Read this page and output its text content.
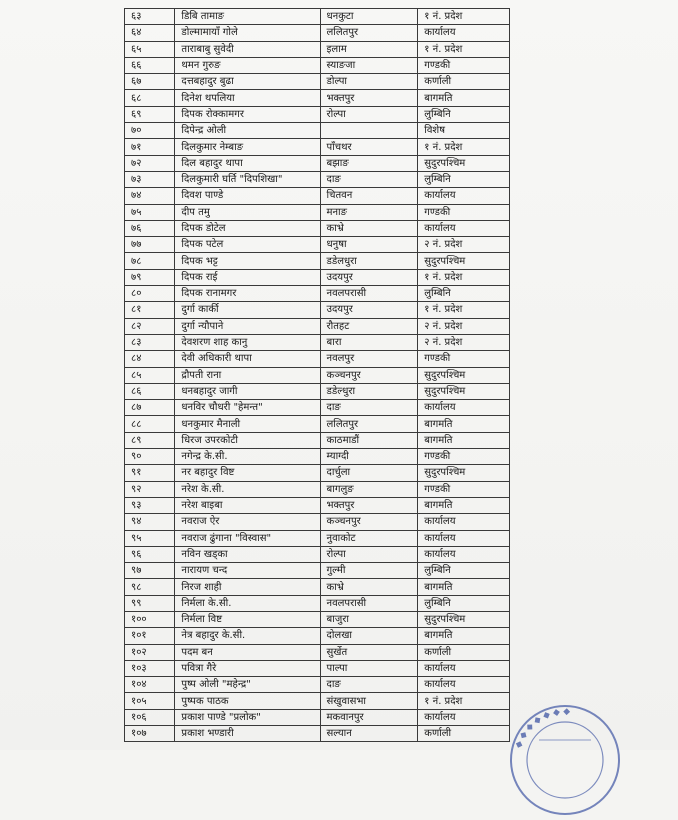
६३	डिबि तामाङ	धनकुटा	१ नं. प्रदेश
६४	डोल्मामायाँ गोले	ललितपुर	कार्यालय
६५	ताराबाबु सुवेदी	इलाम	१ नं. प्रदेश
६६	थमन गुरुङ	स्याङजा	गण्डकी
६७	दत्तबहादुर बुढा	डोल्पा	कर्णाली
६८	दिनेश थपलिया	भक्तपुर	बागमति
६९	दिपक रोक्कामगर	रोल्पा	लुम्बिनि
७०	दिपेन्द्र ओली		विशेष
७१	दिलकुमार नेम्बाङ	पाँचथर	१ नं. प्रदेश
७२	दिल बहादुर थापा	बझाङ	सुदुरपश्चिम
७३	दिलकुमारी घर्ति "दिपशिखा"	दाङ	लुम्बिनि
७४	दिवश पाण्डे	चितवन	कार्यालय
७५	दीप तमु	मनाङ	गण्डकी
७६	दिपक डोटेल	काभ्रे	कार्यालय
७७	दिपक पटेल	धनुषा	२ नं. प्रदेश
७८	दिपक भट्ट	डडेलधुरा	सुदुरपश्चिम
७९	दिपक राई	उदयपुर	१ नं. प्रदेश
८०	दिपक रानामगर	नवलपरासी	लुम्बिनि
८१	दुर्गा कार्की	उदयपुर	१ नं. प्रदेश
८२	दुर्गा न्यौपाने	रौतहट	२ नं. प्रदेश
८३	देवशरण शाह कानु	बारा	२ नं. प्रदेश
८४	देवी अधिकारी थापा	नवलपुर	गण्डकी
८५	द्रौपती राना	कञ्चनपुर	सुदुरपश्चिम
८६	धनबहादुर जागी	डडेल्धुरा	सुदुरपश्चिम
८७	धनविर चौधरी "हेमन्त"	दाङ	कार्यालय
८८	धनकुमार मैनाली	ललितपुर	बागमति
८९	धिरज उपरकोटी	काठमाडौं	बागमति
९०	नगेन्द्र के.सी.	म्याग्दी	गण्डकी
९१	नर बहादुर विष्ट	दार्चुला	सुदुरपश्चिम
९२	नरेश के.सी.	बागलुङ	गण्डकी
९३	नरेश बाइबा	भक्तपुर	बागमति
९४	नवराज ऐर	कञ्चनपुर	कार्यालय
९५	नवराज ढुंगाना "विस्वास"	नुवाकोट	कार्यालय
९६	नविन खड्का	रोल्पा	कार्यालय
९७	नारायण चन्द	गुल्मी	लुम्बिनि
९८	निरज शाही	काभ्रे	बागमति
९९	निर्मला के.सी.	नवलपरासी	लुम्बिनि
१००	निर्मला विष्ट	बाजुरा	सुदुरपश्चिम
१०१	नेत्र बहादुर के.सी.	दोलखा	बागमति
१०२	पदम बन	सुर्खेत	कर्णाली
१०३	पवित्रा गैरे	पाल्पा	कार्यालय
१०४	पुष्प ओली "महेन्द्र"	दाङ	कार्यालय
१०५	पुष्पक पाठक	संखुवासभा	१ नं. प्रदेश
१०६	प्रकाश पाण्डे "प्रलोक"	मकवानपुर	कार्यालय
१०७	प्रकाश भण्डारी	सल्यान	कर्णाली
◆ ◆ ◆ ◆ ◆ ◆ ◆
